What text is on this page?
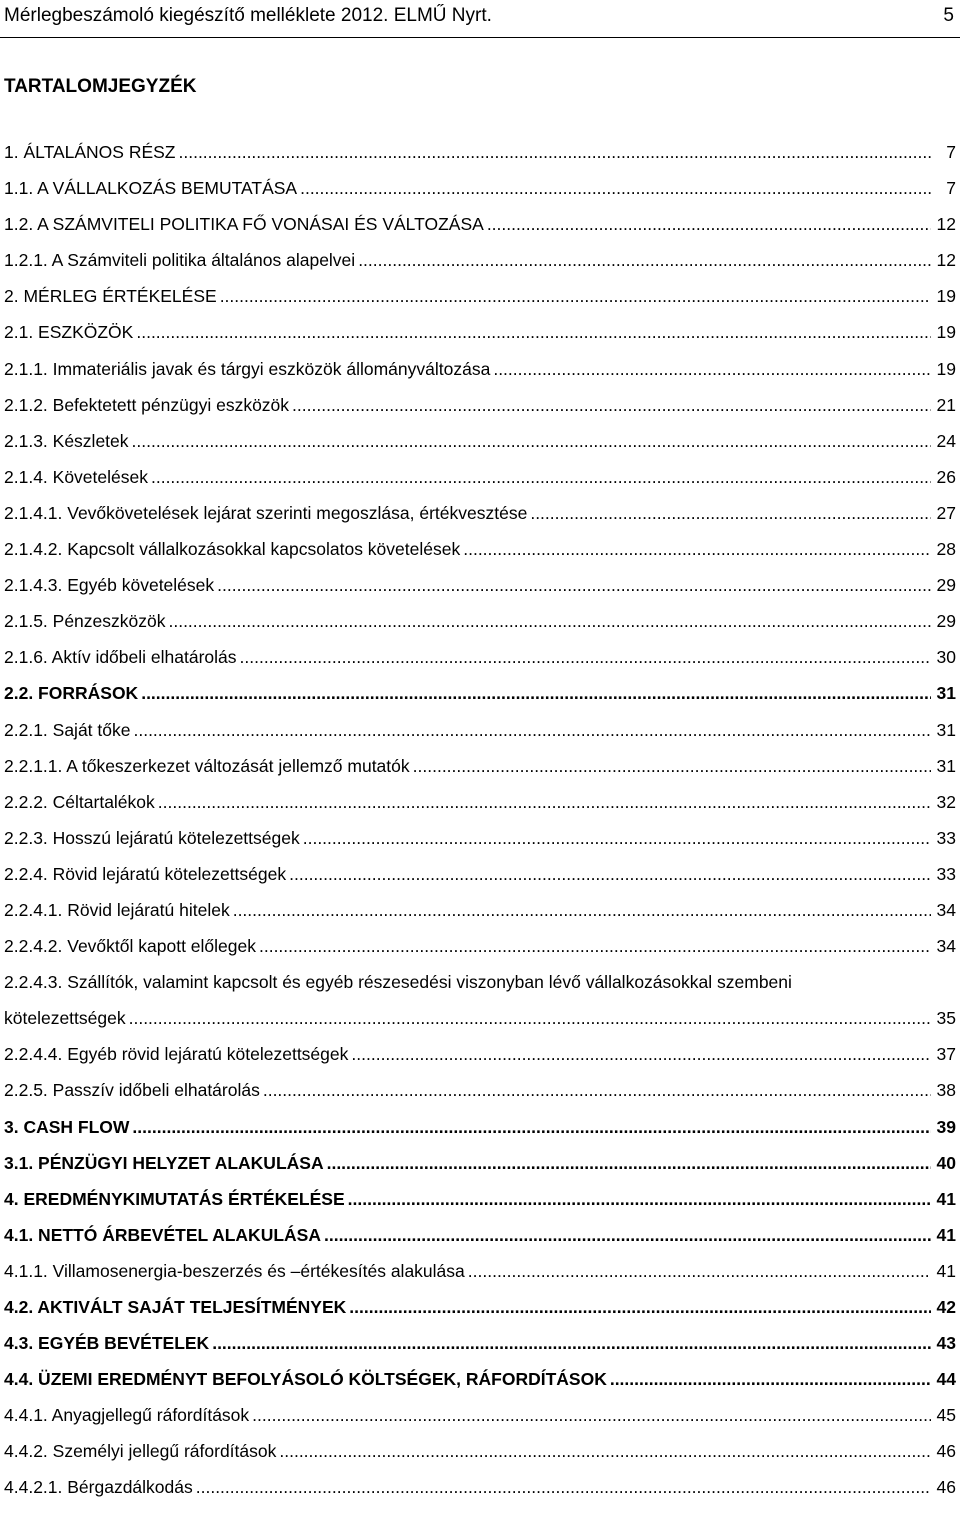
Mérlegbeszámoló kiegészítő melléklete 2012. ELMŰ Nyrt.	5
TARTALOMJEGYZÉK
1. ÁLTALÁNOS RÉSZ .....	7
1.1. A VÁLLALKOZÁS BEMUTATÁSA .....	7
1.2. A SZÁMVITELI POLITIKA FŐ VONÁSAI ÉS VÁLTOZÁSA .....	12
1.2.1. A Számviteli politika általános alapelvei .....	12
2. MÉRLEG ÉRTÉKELÉSE .....	19
2.1. ESZKÖZÖK .....	19
2.1.1. Immateriális javak és tárgyi eszközök állományváltozása .....	19
2.1.2. Befektetett pénzügyi eszközök .....	21
2.1.3. Készletek .....	24
2.1.4. Követelések .....	26
2.1.4.1. Vevőkövetelések lejárat szerinti megoszlása, értékvesztése .....	27
2.1.4.2. Kapcsolt vállalkozásokkal kapcsolatos követelések .....	28
2.1.4.3. Egyéb követelések .....	29
2.1.5. Pénzeszközök .....	29
2.1.6. Aktív időbeli elhatárolás .....	30
2.2. FORRÁSOK .....	31
2.2.1. Saját tőke .....	31
2.2.1.1. A tőkeszerkezet változását jellemző mutatók .....	31
2.2.2. Céltartalékok .....	32
2.2.3. Hosszú lejáratú kötelezettségek .....	33
2.2.4. Rövid lejáratú kötelezettségek .....	33
2.2.4.1. Rövid lejáratú hitelek .....	34
2.2.4.2. Vevőktől kapott előlegek .....	34
2.2.4.3. Szállítók, valamint kapcsolt és egyéb részesedési viszonyban lévő vállalkozásokkal szembeni
kötelezettségek .....	35
2.2.4.4. Egyéb rövid lejáratú kötelezettségek .....	37
2.2.5. Passzív időbeli elhatárolás .....	38
3. CASH FLOW .....	39
3.1. PÉNZÜGYI HELYZET ALAKULÁSA .....	40
4. EREDMÉNYKIMUTATÁS ÉRTÉKELÉSE .....	41
4.1. NETTÓ ÁRBEVÉTEL ALAKULÁSA .....	41
4.1.1. Villamosenergia-beszerzés és –értékesítés alakulása .....	41
4.2. AKTIVÁLT SAJÁT TELJESÍTMÉNYEK .....	42
4.3. EGYÉB BEVÉTELEK .....	43
4.4. ÜZEMI EREDMÉNYT BEFOLYÁSOLÓ KÖLTSÉGEK, RÁFORDÍTÁSOK .....	44
4.4.1. Anyagjellegű ráfordítások .....	45
4.4.2. Személyi jellegű ráfordítások .....	46
4.4.2.1. Bérgazdálkodás .....	46
